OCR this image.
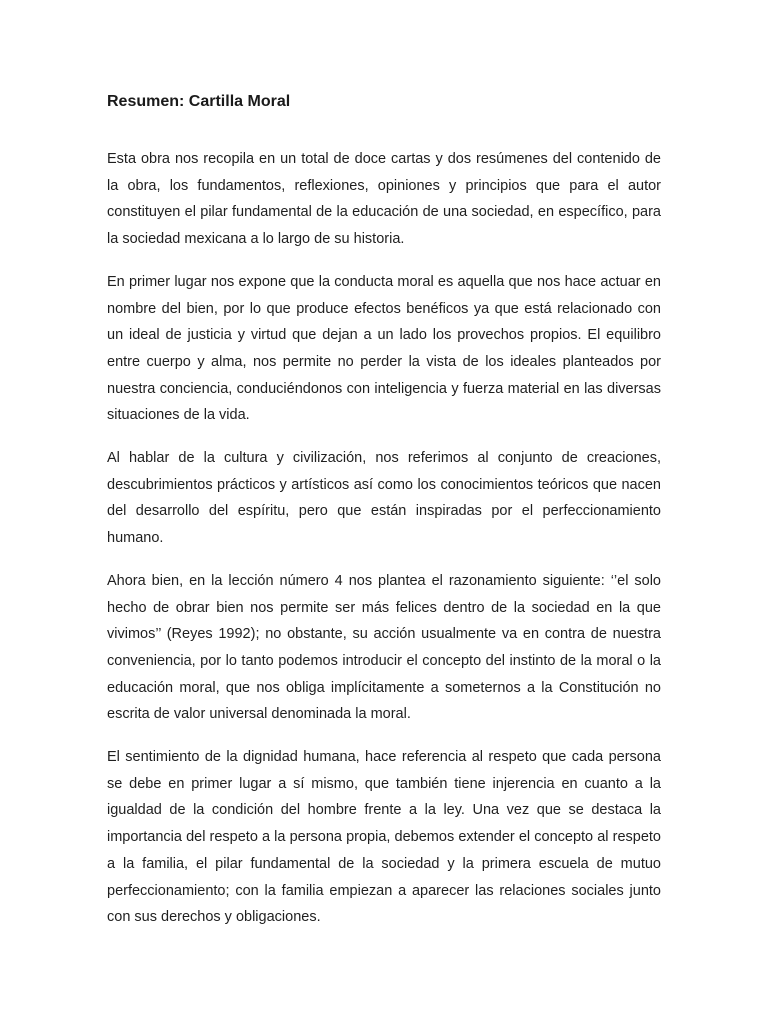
Resumen: Cartilla Moral

Esta obra nos recopila en un total de doce cartas y dos resúmenes del contenido de la obra, los fundamentos, reflexiones, opiniones y principios que para el autor constituyen el pilar fundamental de la educación de una sociedad, en específico, para la sociedad mexicana a lo largo de su historia.

En primer lugar nos expone que la conducta moral es aquella que nos hace actuar en nombre del bien, por lo que produce efectos benéficos ya que está relacionado con un ideal de justicia y virtud que dejan a un lado los provechos propios. El equilibro entre cuerpo y alma, nos permite no perder la vista de los ideales planteados por nuestra conciencia, conduciéndonos con inteligencia y fuerza material en las diversas situaciones de la vida.

Al hablar de la cultura y civilización, nos referimos al conjunto de creaciones, descubrimientos prácticos y artísticos así como los conocimientos teóricos que nacen del desarrollo del espíritu, pero que están inspiradas por el perfeccionamiento humano.

Ahora bien, en la lección número 4 nos plantea el razonamiento siguiente: ‘’el solo hecho de obrar bien nos permite ser más felices dentro de la sociedad en la que vivimos’’ (Reyes 1992); no obstante, su acción usualmente va en contra de nuestra conveniencia, por lo tanto podemos introducir el concepto del instinto de la moral o la educación moral, que nos obliga implícitamente a someternos a la Constitución no escrita de valor universal denominada la moral.

El sentimiento de la dignidad humana, hace referencia al respeto que cada persona se debe en primer lugar a sí mismo, que también tiene injerencia en cuanto a la igualdad de la condición del hombre frente a la ley. Una vez que se destaca la importancia del respeto a la persona propia, debemos extender el concepto al respeto a la familia, el pilar fundamental de la sociedad y la primera escuela de mutuo perfeccionamiento; con la familia empiezan a aparecer las relaciones sociales junto con sus derechos y obligaciones.
